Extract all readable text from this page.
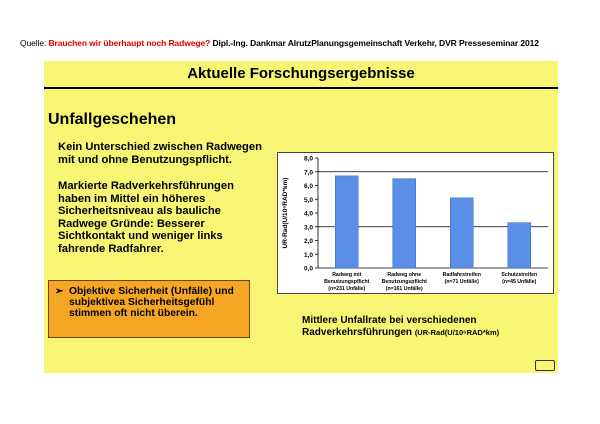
Quelle: Brauchen wir überhaupt noch Radwege? Dipl.-Ing. Dankmar AlrutzPlanungsgemeinschaft Verkehr, DVR Presseseminar 2012
Aktuelle Forschungsergebnisse
Unfallgeschehen
Kein Unterschied zwischen Radwegen mit und ohne Benutzungspflicht.
Markierte Radverkehrsführungen haben im Mittel ein höheres Sicherheitsniveau als bauliche Radwege Gründe: Besserer Sichtkontakt und weniger links fahrende Radfahrer.
➢ Objektive Sicherheit (Unfälle) und subjektivea Sicherheitsgefühl stimmen oft nicht überein.
0,0
1,0
2,0
3,0
4,0
5,0
6,0
7,0
8,0
UR-Rad(U/10⁶RAD*km)
Radweg mit
Benutzungspflicht
(n=231 Unfälle)
Radweg ohne
Benutzungspflicht
(n=161 Unfälle)
Radfahrstreifen
(n=71 Unfälle)
Schutzstreifen
(n=45 Unfälle)
Mittlere Unfallrate bei verschiedenen
Radverkehrsführungen (UR-Rad(U/10⁶RAD*km)
